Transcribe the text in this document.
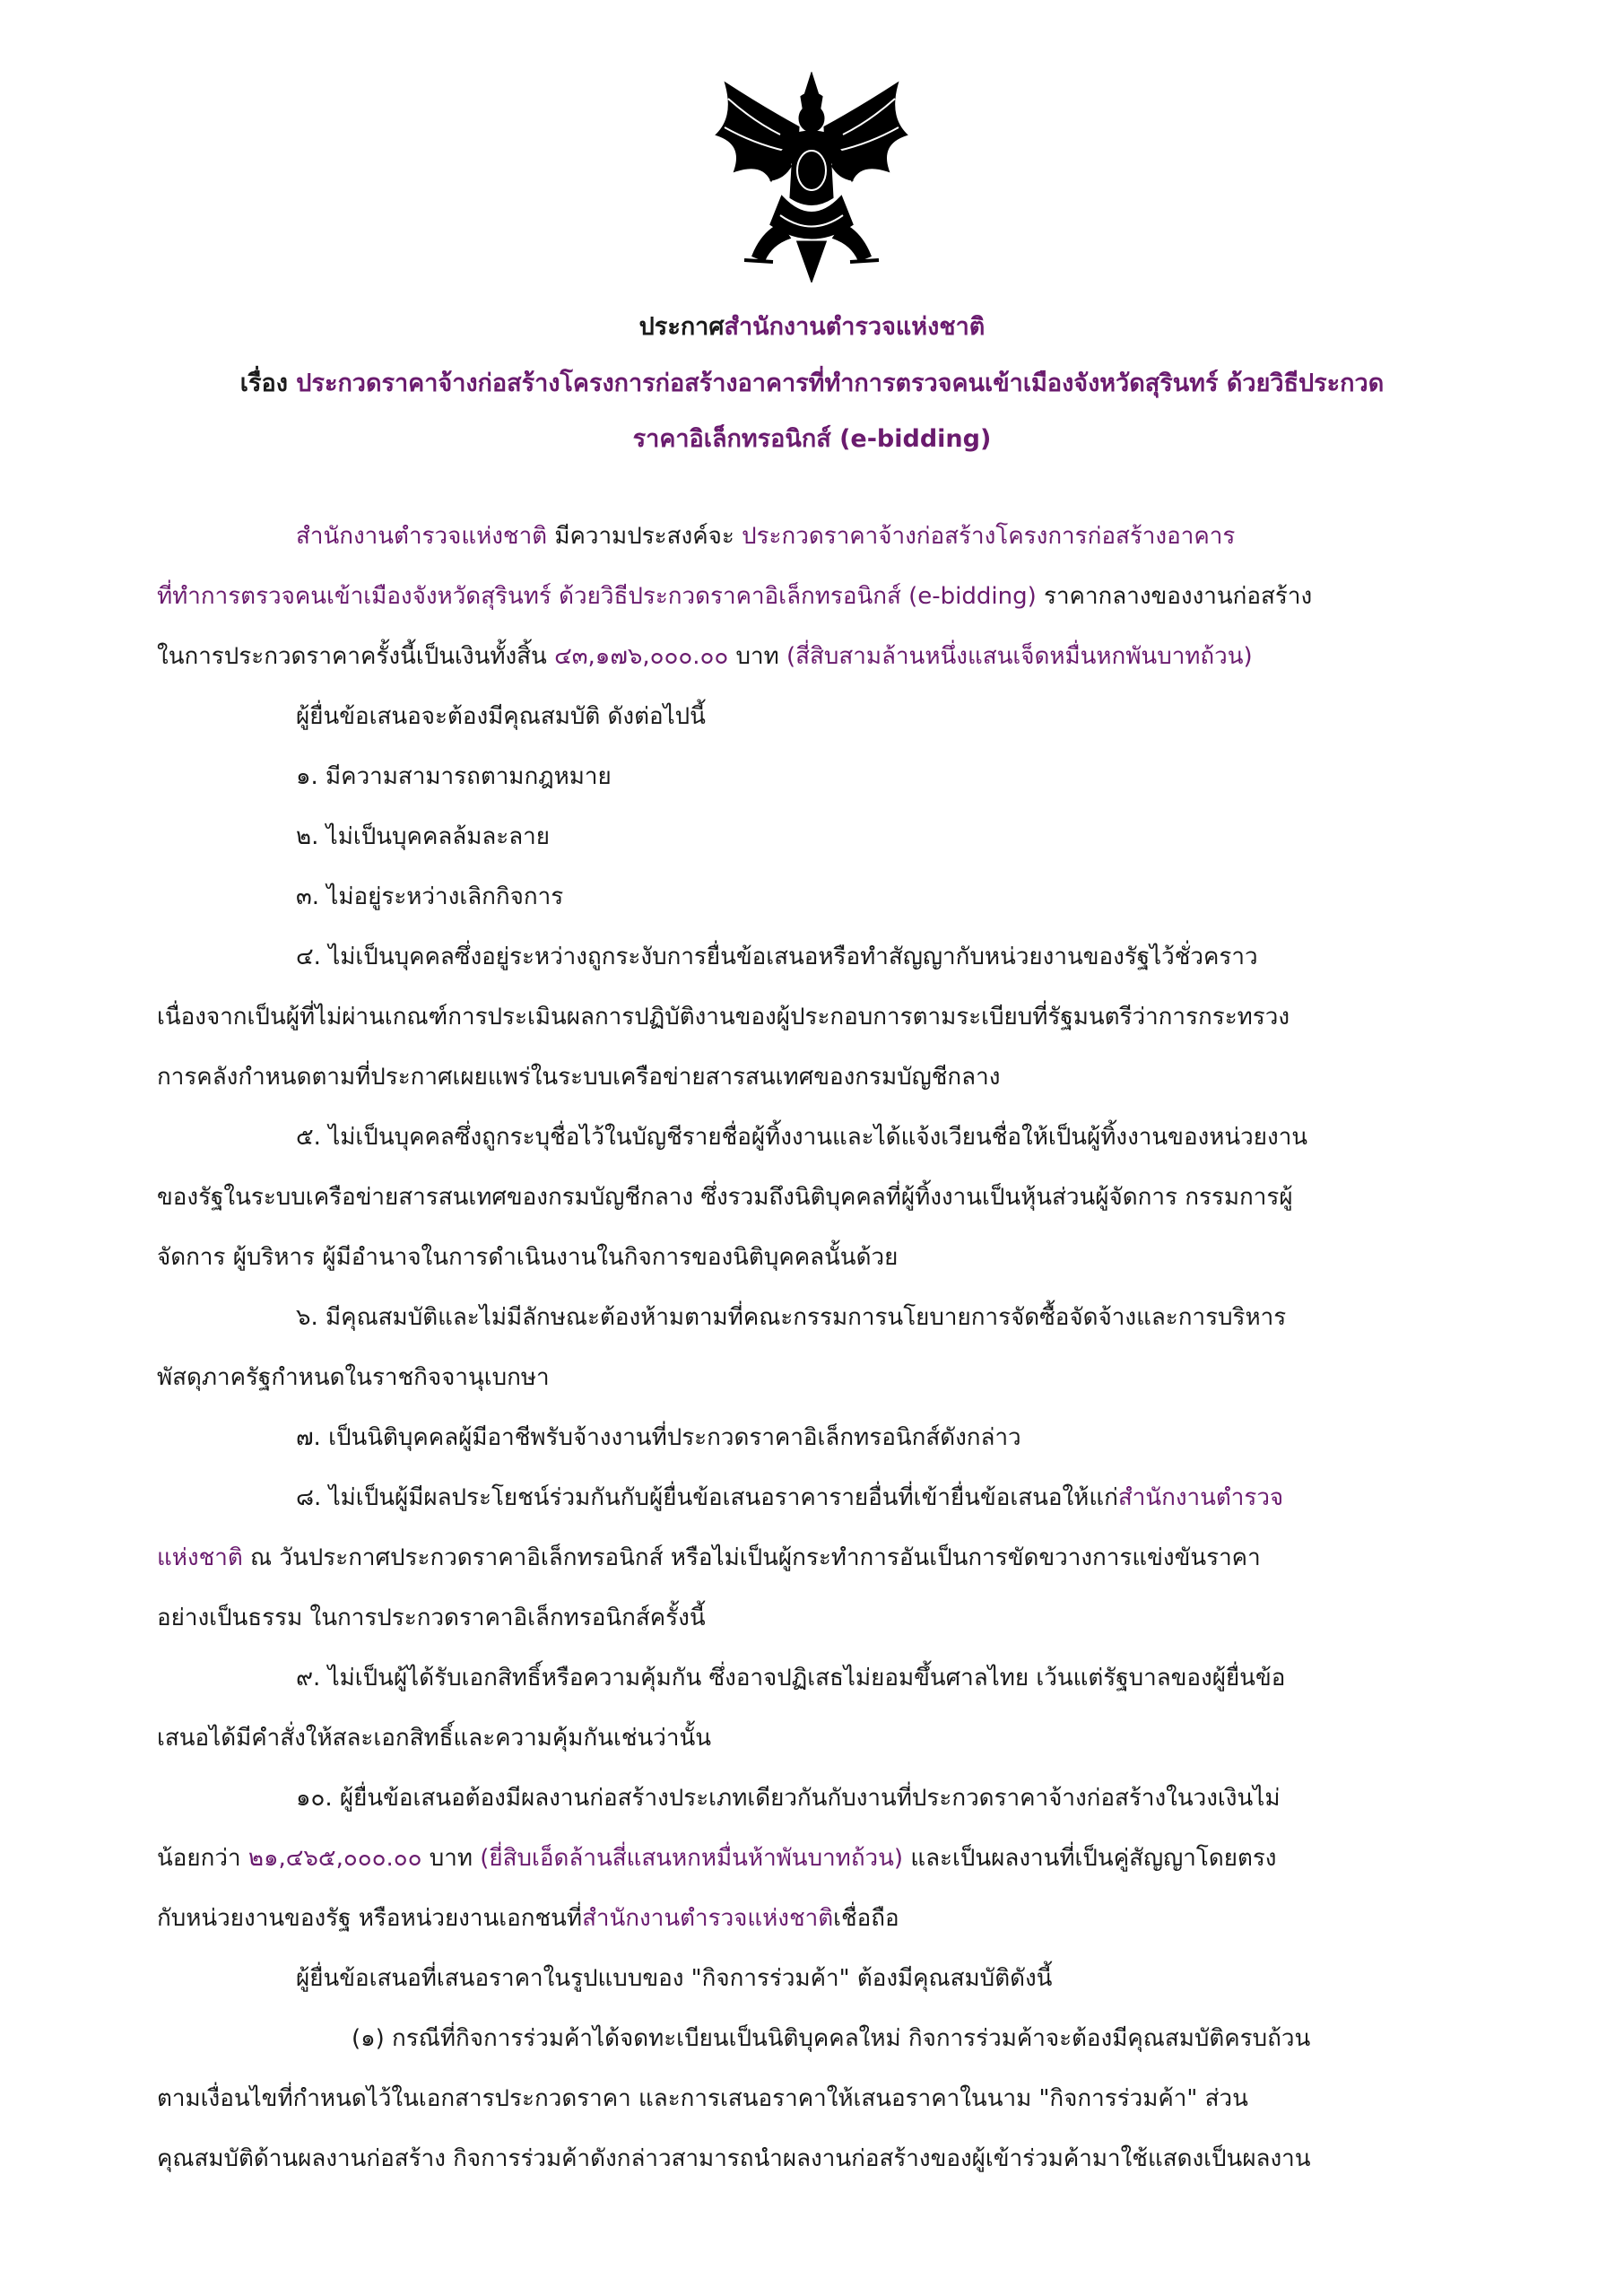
ประกาศสำนักงานตำรวจแห่งชาติ
เรื่อง ประกวดราคาจ้างก่อสร้างโครงการก่อสร้างอาคารที่ทำการตรวจคนเข้าเมืองจังหวัดสุรินทร์ ด้วยวิธีประกวด
ราคาอิเล็กทรอนิกส์ (e-bidding)
สำนักงานตำรวจแห่งชาติ มีความประสงค์จะ ประกวดราคาจ้างก่อสร้างโครงการก่อสร้างอาคาร
ที่ทำการตรวจคนเข้าเมืองจังหวัดสุรินทร์ ด้วยวิธีประกวดราคาอิเล็กทรอนิกส์ (e-bidding) ราคากลางของงานก่อสร้าง
ในการประกวดราคาครั้งนี้เป็นเงินทั้งสิ้น ๔๓,๑๗๖,๐๐๐.๐๐ บาท (สี่สิบสามล้านหนึ่งแสนเจ็ดหมื่นหกพันบาทถ้วน)
ผู้ยื่นข้อเสนอจะต้องมีคุณสมบัติ ดังต่อไปนี้
๑. มีความสามารถตามกฎหมาย
๒. ไม่เป็นบุคคลล้มละลาย
๓. ไม่อยู่ระหว่างเลิกกิจการ
๔. ไม่เป็นบุคคลซึ่งอยู่ระหว่างถูกระงับการยื่นข้อเสนอหรือทำสัญญากับหน่วยงานของรัฐไว้ชั่วคราว
เนื่องจากเป็นผู้ที่ไม่ผ่านเกณฑ์การประเมินผลการปฏิบัติงานของผู้ประกอบการตามระเบียบที่รัฐมนตรีว่าการกระทรวง
การคลังกำหนดตามที่ประกาศเผยแพร่ในระบบเครือข่ายสารสนเทศของกรมบัญชีกลาง
๕. ไม่เป็นบุคคลซึ่งถูกระบุชื่อไว้ในบัญชีรายชื่อผู้ทิ้งงานและได้แจ้งเวียนชื่อให้เป็นผู้ทิ้งงานของหน่วยงาน
ของรัฐในระบบเครือข่ายสารสนเทศของกรมบัญชีกลาง ซึ่งรวมถึงนิติบุคคลที่ผู้ทิ้งงานเป็นหุ้นส่วนผู้จัดการ กรรมการผู้
จัดการ ผู้บริหาร ผู้มีอำนาจในการดำเนินงานในกิจการของนิติบุคคลนั้นด้วย
๖. มีคุณสมบัติและไม่มีลักษณะต้องห้ามตามที่คณะกรรมการนโยบายการจัดซื้อจัดจ้างและการบริหาร
พัสดุภาครัฐกำหนดในราชกิจจานุเบกษา
๗. เป็นนิติบุคคลผู้มีอาชีพรับจ้างงานที่ประกวดราคาอิเล็กทรอนิกส์ดังกล่าว
๘. ไม่เป็นผู้มีผลประโยชน์ร่วมกันกับผู้ยื่นข้อเสนอราคารายอื่นที่เข้ายื่นข้อเสนอให้แก่สำนักงานตำรวจ
แห่งชาติ ณ วันประกาศประกวดราคาอิเล็กทรอนิกส์ หรือไม่เป็นผู้กระทำการอันเป็นการขัดขวางการแข่งขันราคา
อย่างเป็นธรรม ในการประกวดราคาอิเล็กทรอนิกส์ครั้งนี้
๙. ไม่เป็นผู้ได้รับเอกสิทธิ์หรือความคุ้มกัน ซึ่งอาจปฏิเสธไม่ยอมขึ้นศาลไทย เว้นแต่รัฐบาลของผู้ยื่นข้อ
เสนอได้มีคำสั่งให้สละเอกสิทธิ์และความคุ้มกันเช่นว่านั้น
๑๐. ผู้ยื่นข้อเสนอต้องมีผลงานก่อสร้างประเภทเดียวกันกับงานที่ประกวดราคาจ้างก่อสร้างในวงเงินไม่
น้อยกว่า ๒๑,๔๖๕,๐๐๐.๐๐ บาท (ยี่สิบเอ็ดล้านสี่แสนหกหมื่นห้าพันบาทถ้วน) และเป็นผลงานที่เป็นคู่สัญญาโดยตรง
กับหน่วยงานของรัฐ หรือหน่วยงานเอกชนที่สำนักงานตำรวจแห่งชาติเชื่อถือ
ผู้ยื่นข้อเสนอที่เสนอราคาในรูปแบบของ "กิจการร่วมค้า" ต้องมีคุณสมบัติดังนี้
(๑) กรณีที่กิจการร่วมค้าได้จดทะเบียนเป็นนิติบุคคลใหม่ กิจการร่วมค้าจะต้องมีคุณสมบัติครบถ้วน
ตามเงื่อนไขที่กำหนดไว้ในเอกสารประกวดราคา และการเสนอราคาให้เสนอราคาในนาม "กิจการร่วมค้า" ส่วน
คุณสมบัติด้านผลงานก่อสร้าง กิจการร่วมค้าดังกล่าวสามารถนำผลงานก่อสร้างของผู้เข้าร่วมค้ามาใช้แสดงเป็นผลงาน
